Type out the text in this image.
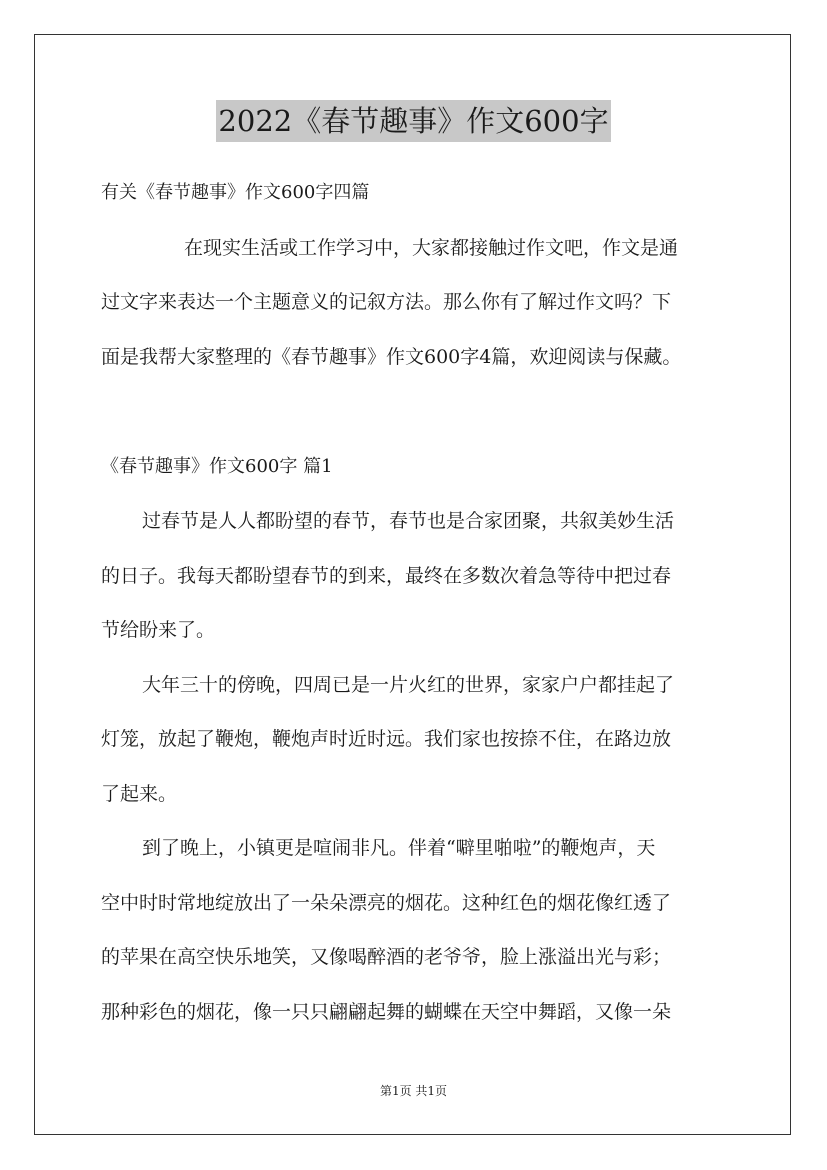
2022《春节趣事》作文600字
有关《春节趣事》作文600字四篇
在现实生活或工作学习中，大家都接触过作文吧，作文是通
过文字来表达一个主题意义的记叙方法。那么你有了解过作文吗？下
面是我帮大家整理的《春节趣事》作文600字4篇，欢迎阅读与保藏。
《春节趣事》作文600字 篇1
过春节是人人都盼望的春节，春节也是合家团聚，共叙美妙生活
的日子。我每天都盼望春节的到来，最终在多数次着急等待中把过春
节给盼来了。
大年三十的傍晚，四周已是一片火红的世界，家家户户都挂起了
灯笼，放起了鞭炮，鞭炮声时近时远。我们家也按捺不住，在路边放
了起来。
到了晚上，小镇更是喧闹非凡。伴着“噼里啪啦”的鞭炮声，天
空中时时常地绽放出了一朵朵漂亮的烟花。这种红色的烟花像红透了
的苹果在高空快乐地笑，又像喝醉酒的老爷爷，脸上涨溢出光与彩；
那种彩色的烟花，像一只只翩翩起舞的蝴蝶在天空中舞蹈，又像一朵
第1页 共1页
